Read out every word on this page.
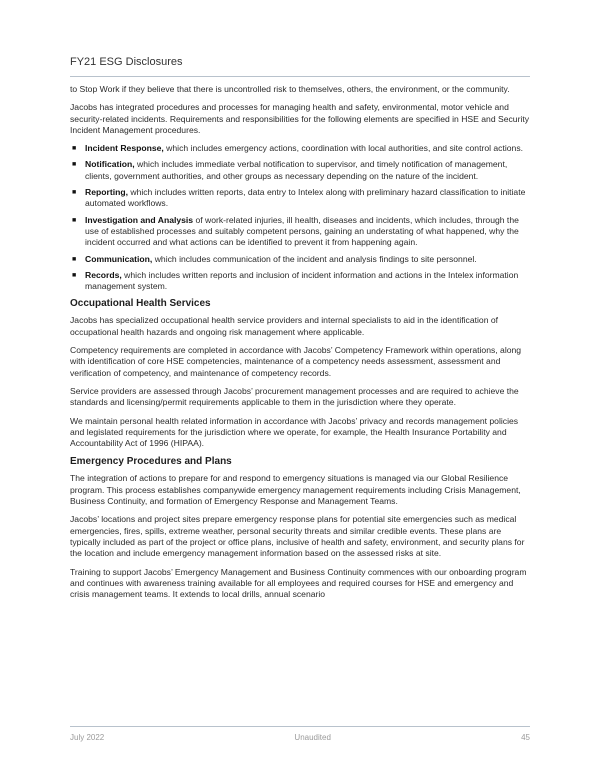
FY21 ESG Disclosures

to Stop Work if they believe that there is uncontrolled risk to themselves, others, the environment, or the community.

Jacobs has integrated procedures and processes for managing health and safety, environmental, motor vehicle and security-related incidents. Requirements and responsibilities for the following elements are specified in HSE and Security Incident Management procedures.

■ Incident Response, which includes emergency actions, coordination with local authorities, and site control actions.
■ Notification, which includes immediate verbal notification to supervisor, and timely notification of management, clients, government authorities, and other groups as necessary depending on the nature of the incident.
■ Reporting, which includes written reports, data entry to Intelex along with preliminary hazard classification to initiate automated workflows.
■ Investigation and Analysis of work-related injuries, ill health, diseases and incidents, which includes, through the use of established processes and suitably competent persons, gaining an understating of what happened, why the incident occurred and what actions can be identified to prevent it from happening again.
■ Communication, which includes communication of the incident and analysis findings to site personnel.
■ Records, which includes written reports and inclusion of incident information and actions in the Intelex information management system.
Occupational Health Services

Jacobs has specialized occupational health service providers and internal specialists to aid in the identification of occupational health hazards and ongoing risk management where applicable.

Competency requirements are completed in accordance with Jacobs’ Competency Framework within operations, along with identification of core HSE competencies, maintenance of a competency needs assessment, assessment and verification of competency, and maintenance of competency records.

Service providers are assessed through Jacobs’ procurement management processes and are required to achieve the standards and licensing/permit requirements applicable to them in the jurisdiction where they operate.

We maintain personal health related information in accordance with Jacobs’ privacy and records management policies and legislated requirements for the jurisdiction where we operate, for example, the Health Insurance Portability and Accountability Act of 1996 (HIPAA).

Emergency Procedures and Plans

The integration of actions to prepare for and respond to emergency situations is managed via our Global Resilience program. This process establishes companywide emergency management requirements including Crisis Management, Business Continuity, and formation of Emergency Response and Management Teams.

Jacobs’ locations and project sites prepare emergency response plans for potential site emergencies such as medical emergencies, fires, spills, extreme weather, personal security threats and similar credible events. These plans are typically included as part of the project or office plans, inclusive of health and safety, environment, and security plans for the location and include emergency management information based on the assessed risks at site.

Training to support Jacobs’ Emergency Management and Business Continuity commences with our onboarding program and continues with awareness training available for all employees and required courses for HSE and emergency and crisis management teams. It extends to local drills, annual scenario

July 2022	Unaudited	45
